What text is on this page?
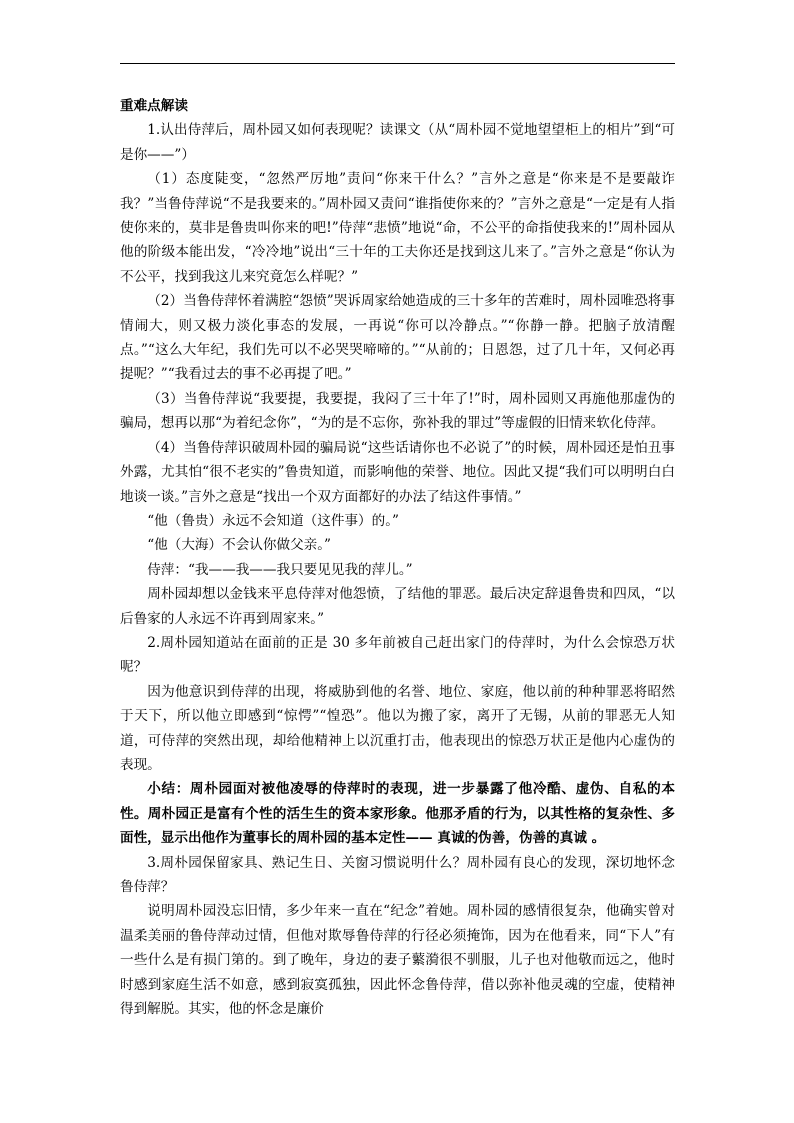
重难点解读

1.认出侍萍后，周朴园又如何表现呢？读课文（从“周朴园不觉地望望柜上的相片”到“可是你——”）

（1）态度陡变，“忽然严厉地”责问“你来干什么？”言外之意是“你来是不是要敲诈我？”当鲁侍萍说“不是我要来的。”周朴园又责问“谁指使你来的？”言外之意是“一定是有人指使你来的，莫非是鲁贵叫你来的吧!”侍萍“悲愤”地说“命，不公平的命指使我来的!”周朴园从他的阶级本能出发，“冷冷地”说出“三十年的工夫你还是找到这儿来了。”言外之意是“你认为不公平，找到我这儿来究竟怎么样呢？”

（2）当鲁侍萍怀着满腔“怨愤”哭诉周家给她造成的三十多年的苦难时，周朴园唯恐将事情闹大，则又极力淡化事态的发展，一再说“你可以冷静点。”“你静一静。把脑子放清醒点。”“这么大年纪，我们先可以不必哭哭啼啼的。”“从前的；日恩怨，过了几十年，又何必再提呢？”“我看过去的事不必再提了吧。”

（3）当鲁侍萍说“我要提，我要提，我闷了三十年了!”时，周朴园则又再施他那虚伪的骗局，想再以那“为着纪念你”，“为的是不忘你，弥补我的罪过”等虚假的旧情来软化侍萍。

（4）当鲁侍萍识破周朴园的骗局说“这些话请你也不必说了”的时候，周朴园还是怕丑事外露，尤其怕“很不老实的”鲁贵知道，而影响他的荣誉、地位。因此又提“我们可以明明白白地谈一谈。”言外之意是“找出一个双方面都好的办法了结这件事情。”

“他（鲁贵）永远不会知道（这件事）的。”

“他（大海）不会认你做父亲。”

侍萍：“我——我——我只要见见我的萍儿。”

周朴园却想以金钱来平息侍萍对他怨愤，了结他的罪恶。最后决定辞退鲁贵和四凤，“以后鲁家的人永远不许再到周家来。”

2.周朴园知道站在面前的正是 30 多年前被自己赶出家门的侍萍时，为什么会惊恐万状呢？

因为他意识到侍萍的出现，将威胁到他的名誉、地位、家庭，他以前的种种罪恶将昭然于天下，所以他立即感到“惊愕”“惶恐”。他以为搬了家，离开了无锡，从前的罪恶无人知道，可侍萍的突然出现，却给他精神上以沉重打击，他表现出的惊恐万状正是他内心虚伪的表现。

小结：周朴园面对被他凌辱的侍萍时的表现，进一步暴露了他冷酷、虚伪、自私的本性。周朴园正是富有个性的活生生的资本家形象。他那矛盾的行为，以其性格的复杂性、多面性，显示出他作为董事长的周朴园的基本定性—— 真诚的伪善，伪善的真诚 。

3.周朴园保留家具、熟记生日、关窗习惯说明什么？周朴园有良心的发现，深切地怀念鲁侍萍？

说明周朴园没忘旧情，多少年来一直在“纪念”着她。周朴园的感情很复杂，他确实曾对温柔美丽的鲁侍萍动过情，但他对欺辱鲁侍萍的行径必须掩饰，因为在他看来，同“下人”有一些什么是有损门第的。到了晚年，身边的妻子蘩漪很不驯服，儿子也对他敬而远之，他时时感到家庭生活不如意，感到寂寞孤独，因此怀念鲁侍萍，借以弥补他灵魂的空虚，使精神得到解脱。其实，他的怀念是廉价
